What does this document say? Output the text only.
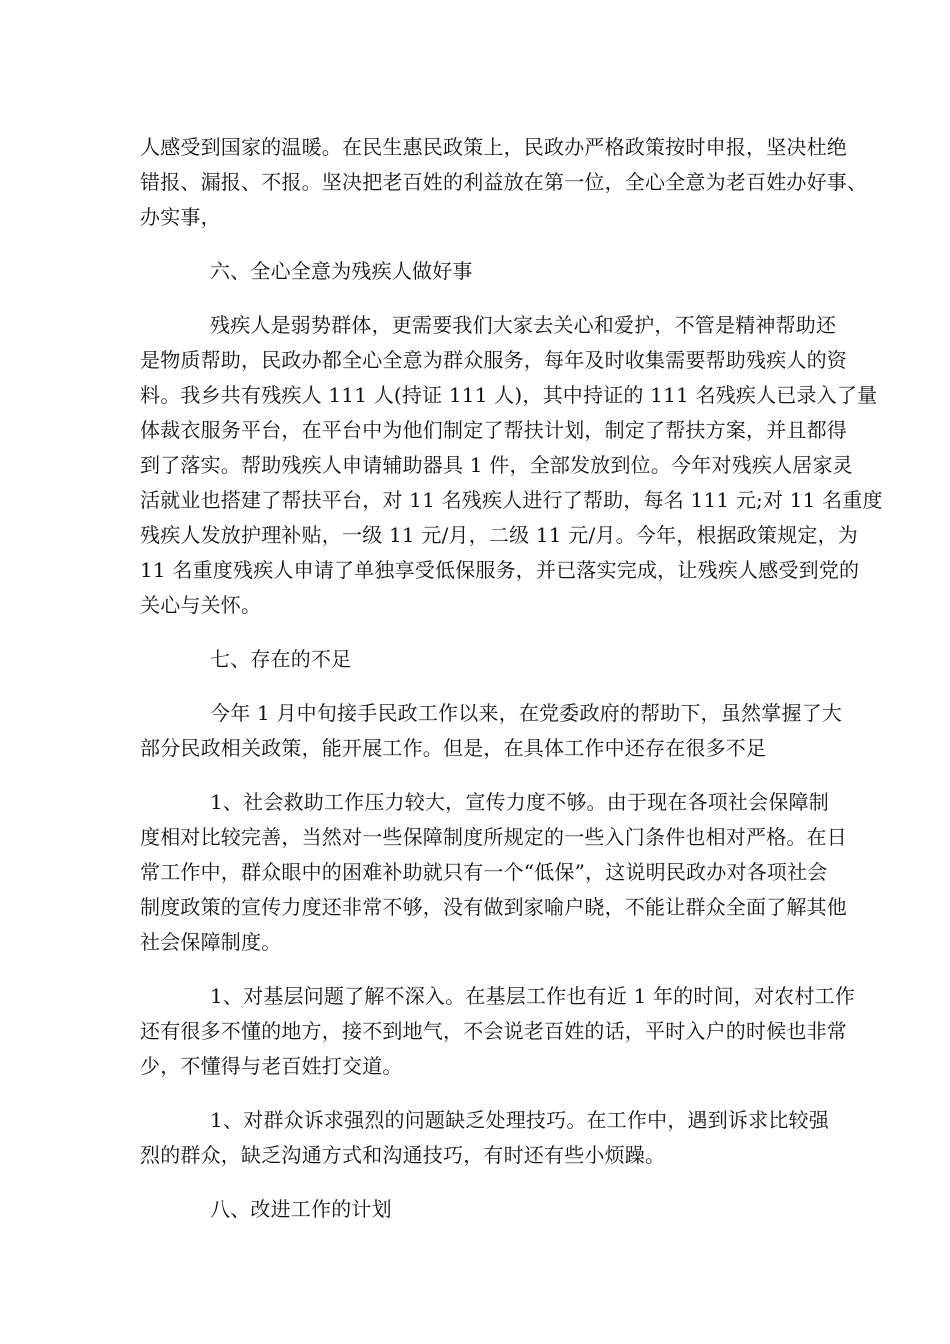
人感受到国家的温暖。在民生惠民政策上，民政办严格政策按时申报，坚决杜绝
错报、漏报、不报。坚决把老百姓的利益放在第一位，全心全意为老百姓办好事、
办实事，
六、全心全意为残疾人做好事
残疾人是弱势群体，更需要我们大家去关心和爱护，不管是精神帮助还
是物质帮助，民政办都全心全意为群众服务，每年及时收集需要帮助残疾人的资
料。我乡共有残疾人 111 人(持证 111 人)，其中持证的 111 名残疾人已录入了量
体裁衣服务平台，在平台中为他们制定了帮扶计划，制定了帮扶方案，并且都得
到了落实。帮助残疾人申请辅助器具 1 件，全部发放到位。今年对残疾人居家灵
活就业也搭建了帮扶平台，对 11 名残疾人进行了帮助，每名 111 元;对 11 名重度
残疾人发放护理补贴，一级 11 元/月，二级 11 元/月。今年，根据政策规定，为
11 名重度残疾人申请了单独享受低保服务，并已落实完成，让残疾人感受到党的
关心与关怀。
七、存在的不足
今年 1 月中旬接手民政工作以来，在党委政府的帮助下，虽然掌握了大
部分民政相关政策，能开展工作。但是，在具体工作中还存在很多不足
1、社会救助工作压力较大，宣传力度不够。由于现在各项社会保障制
度相对比较完善，当然对一些保障制度所规定的一些入门条件也相对严格。在日
常工作中，群众眼中的困难补助就只有一个“低保”，这说明民政办对各项社会
制度政策的宣传力度还非常不够，没有做到家喻户晓，不能让群众全面了解其他
社会保障制度。
1、对基层问题了解不深入。在基层工作也有近 1 年的时间，对农村工作
还有很多不懂的地方，接不到地气，不会说老百姓的话，平时入户的时候也非常
少，不懂得与老百姓打交道。
1、对群众诉求强烈的问题缺乏处理技巧。在工作中，遇到诉求比较强
烈的群众，缺乏沟通方式和沟通技巧，有时还有些小烦躁。
八、改进工作的计划
